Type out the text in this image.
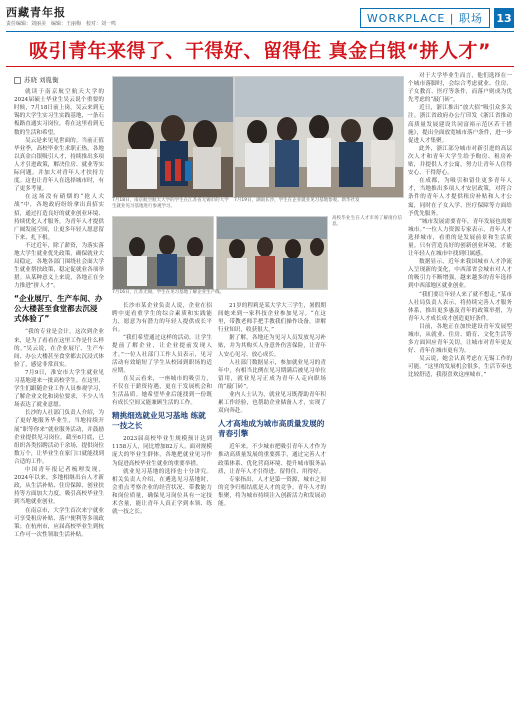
西藏青年报
责任编辑：刘丽美　编辑：王丽梅　校对：刘一鸣	WORKPLACE | 职场	13
吸引青年来得了、干得好、留得住 真金白银“拼人才”
苏晓 刘胤衡

就读于南京航空航天大学的2024届硕士毕业生吴云说个重要的时候，7月18日前上岗，吴云来到无锡的大学生实习生实践基地，一条石板路直通实习岗位，将在这里看到无数的生活和希望。

吴云是来见见世面的。当前正值毕业季，高校毕业生求职正热。各地以真金白银吸引人才，持续推出多项人才引进政策，解决住房、就业等实际问题，并加大对青年人才扶持力度。这也让青年人在选择城市时，有了更多考量。

在这场没有硝烟的“抢人大战”中，各地政府纷纷拿出真招实招，通过打造良好的就业创业环境、持续优化人才服务，为青年人才提供广阔发展空间，让更多年轻人愿意留下来、扎下根。

不过近年，除了薪资，为落实落地大学生就业优先政策，确保就业大局稳定，各地各部门围绕社会面大学生就业帮扶政策，稳定促就业各项举措。从某种意义上来说，各地正在全力推进“拼人才”。

“企业展厅、生产车间、办公大楼甚至食堂都去沉浸式体验了”

“我的专业是会计，这次到企业来，是为了看看在这里工作是什么样的。”吴云说，在企业展厅、生产车间、办公大楼甚至食堂都去沉浸式体验了，感觉非常真实。

7月9日，淮安市大学生就业见习基地迎来一批高校学生。在这里，学生们跟随企业工作人员参观学习，了解企业文化和岗位要求，不少人当场表达了就业意愿。

长沙的人社部门负责人介绍，为了更好地服务毕业生，当地持续开展“职等你来”就业服务活动，并鼓励企业提供见习岗位。截至6月底，已组织各类招聘活动千余场，提供岗位数万个，让毕业生在家门口就能找到合适的工作。

中国青年报记者梳理发现，2024年以来，多地相继出台人才新政，从生活补贴、住房保障、创业扶持等方面加大力度，吸引高校毕业生到当地就业创业。

在南京市，大学生首次来宁就业可享受租房补贴、落户便利等多项政策；在杭州市，应届高校毕业生到杭工作可一次性领取生活补贴。

7月19日，湖南长沙，学生在企业就业见习基地参观。新华社发
7月18日，南京航空航天大学的学生在江苏省无锡市的大学生就业见习基地进行参观学习。
7月16日，江苏无锡，学生在见习基地了解企业生产线。

长沙市某企业负责人说，企业在招聘中更看重学生的综合素质和实践能力，愿意为有潜力的年轻人提供成长平台。

“我们希望通过这样的活动，让学生提前了解企业，让企业提前发现人才。”一位人社部门工作人员表示，见习活动有效缩短了学生从校园到职场的适应期。

在吴云看来，一座城市的吸引力，不仅在于薪资待遇，更在于发展机会和生活品质。她希望毕业后能找到一份既有成长空间又能兼顾生活的工作。

精挑细选就业见习基地 练就一技之长

2023届高校毕业生规模预计达到1158万人，同比增加82万人。面对规模庞大的毕业生群体，各地把就业见习作为促进高校毕业生就业的重要举措。

就业见习基地的选择也十分讲究。相关负责人介绍，在遴选见习基地时，会重点考察企业的经营状况、带教能力和岗位质量，确保见习岗位具有一定技术含量，能让青年人真正学到本领、练就一技之长。

21岁的程莉是某大学大三学生，暑假期间她来到一家科技企业参加见习。“在这里，带教老师手把手教我们操作设备，讲解行业知识，收获很大。”

据了解，各地还为见习人员发放见习补贴，并为其购买人身意外伤害保险，让青年人安心见习、放心成长。

人社部门数据显示，参加就业见习的青年中，有相当比例在见习期满后被见习单位留用，就业见习正成为青年人走向职场的“敲门砖”。

业内人士认为，就业见习既帮助青年积累工作经验，也帮助企业储备人才，实现了双向奔赴。

人才高地成为城市高质量发展的青春引擎

近年来，不少城市把吸引青年人才作为推动高质量发展的重要抓手，通过完善人才政策体系、优化营商环境、提升城市服务品质，让青年人才引得进、留得住、用得好。

专家指出，人才是第一资源，城市之间的竞争归根结底是人才的竞争。青年人才的集聚，将为城市持续注入创新活力和发展动能。

高校毕业生在人才市场了解岗位信息。

对于大学毕业生而言，他们选择在一个城市落脚时，会综合考虑就业、住房、子女教育、医疗等条件，而落户则成为优先考虑的“敲门砖”。

近日，浙江推出“放大招”吸引众多关注。浙江省政府办公厅印发《浙江省推动高质量发展建设共同富裕示范区若干措施》，提出全面放宽城市落户条件，进一步促进人才集聚。

此外，浙江部分城市对新引进的高层次人才和青年大学生给予购房、租房补贴，并提供人才公寓，努力让青年人住得安心、干得舒心。

在成都，为吸引和留住更多青年人才，当地推出多项人才安居政策，对符合条件的青年人才提供租房补贴和人才公寓，同时在子女入学、医疗保障等方面给予优先服务。

“城市发展需要青年，青年发展也需要城市。”一位人力资源专家表示，青年人才选择城市，看重的是发展前景和生活质量。只有营造良好的创新创业环境，才能让年轻人在城市中找到归属感。

数据显示，近年来我国城市人才净流入呈现新的变化，中西部省会城市对人才的吸引力不断增强，越来越多的青年选择到中西部地区就业创业。

“我们要让年轻人来了就不想走。”某市人社局负责人表示，将持续完善人才服务体系，推出更多惠及青年的政策举措，为青年人才成长成才创造更好条件。

目前，各地正在加快建设青年发展型城市，从就业、住房、婚育、文化生活等多方面回应青年关切，让城市对青年更友好、青年在城市更有为。

吴云说，她会认真考虑在无锡工作的可能。“这里的发展机会很多，生活节奏也比较舒适，我很喜欢这座城市。”
